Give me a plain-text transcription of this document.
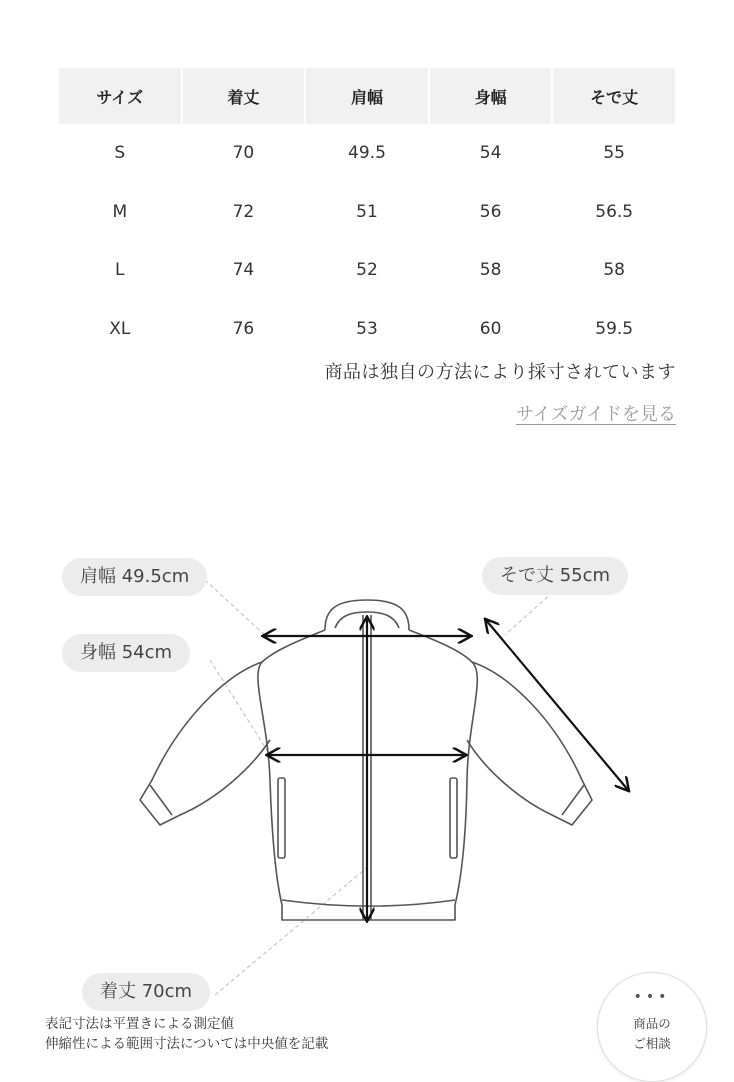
サイズ	着丈	肩幅	身幅	そで丈
S	70	49.5	54	55
M	72	51	56	56.5
L	74	52	58	58
XL	76	53	60	59.5
商品は独自の方法により採寸されています
サイズガイドを見る
肩幅 49.5cm
身幅 54cm
そで丈 55cm
着丈 70cm
表記寸法は平置きによる測定値
伸縮性による範囲寸法については中央値を記載
•••
商品の
ご相談
